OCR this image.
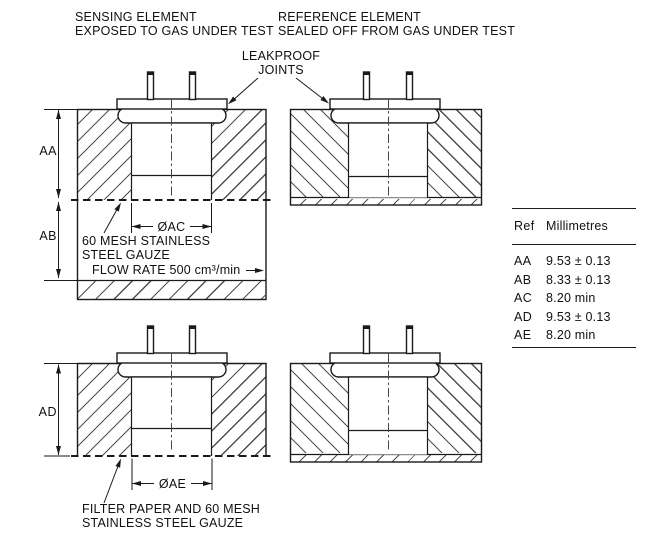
SENSING ELEMENT
EXPOSED TO GAS UNDER TEST
REFERENCE ELEMENT
SEALED OFF FROM GAS UNDER TEST
LEAKPROOF
JOINTS
60 MESH STAINLESS
STEEL GAUZE
FLOW RATE 500 cm³/min
FILTER PAPER AND 60 MESH
STAINLESS STEEL GAUZE
AA
AB
AD
ØAC
ØAE
Ref Millimetres
AA 9.53 ± 0.13
AB 8.33 ± 0.13
AC 8.20 min
AD 9.53 ± 0.13
AE 8.20 min
